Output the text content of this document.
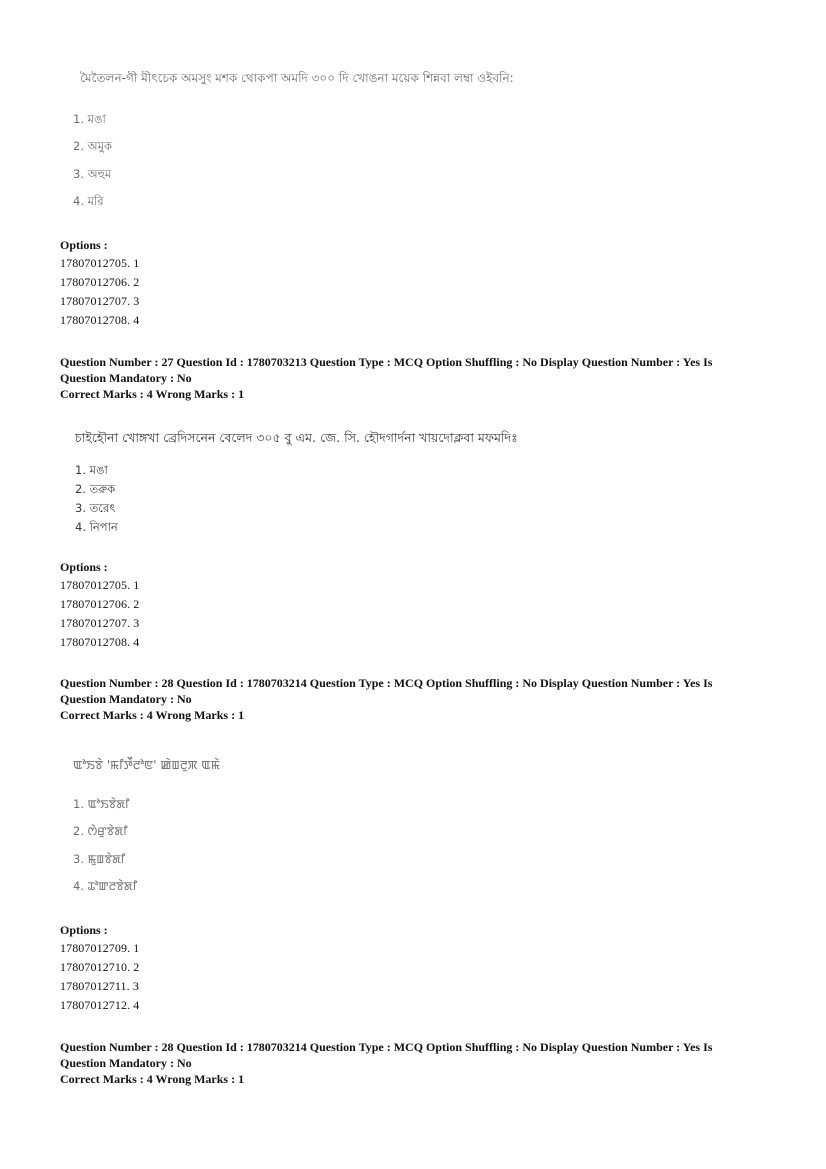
মৈতৈলন-গী মীৎচেক অমসুং মশক থোকপা অমদি ৩০০ দি খোঙনা ময়েক শিন্নবা লম্বা ওইবনি:
1. মঙা
2. অমুক
3. অহুম
4. মরি
Options :
17807012705. 1
17807012706. 2
17807012707. 3
17807012708. 4

Question Number : 27 Question Id : 1780703213 Question Type : MCQ Option Shuffling : No Display Question Number : Yes Is

Question Mandatory : No

Correct Marks : 4 Wrong Marks : 1

চাইহৌনা খোঙ্গখা ব্রেদিসনেন বেলেদ ৩০৫ বু এম. জে. সি. হৌদগার্দনা খায়দোক্লবা মফমদিঃ
1. মঙা
2. তরুক
3. তরেৎ
4. নিপান
Options :
17807012705. 1
17807012706. 2
17807012707. 3
17807012708. 4

Question Number : 28 Question Id : 1780703214 Question Type : MCQ Option Shuffling : No Display Question Number : Yes Is

Question Mandatory : No

Correct Marks : 4 Wrong Marks : 1

ꯑꯣꯏꯕꯥ 'ꯃꯤꯇꯩꯂꯣꯟ' ꯀꯥꯡꯂꯨꯞ ꯑꯃꯥ
1. ꯑꯣꯏꯕꯥꯗꯤ
2. ꯁꯥꯔꯨꯕꯥꯗꯤ
3. ꯃꯨꯡꯕꯥꯗꯤ
4. ꯊꯣꯛꯂꯕꯥꯗꯤ
Options :
17807012709. 1
17807012710. 2
17807012711. 3
17807012712. 4

Question Number : 28 Question Id : 1780703214 Question Type : MCQ Option Shuffling : No Display Question Number : Yes Is

Question Mandatory : No

Correct Marks : 4 Wrong Marks : 1
